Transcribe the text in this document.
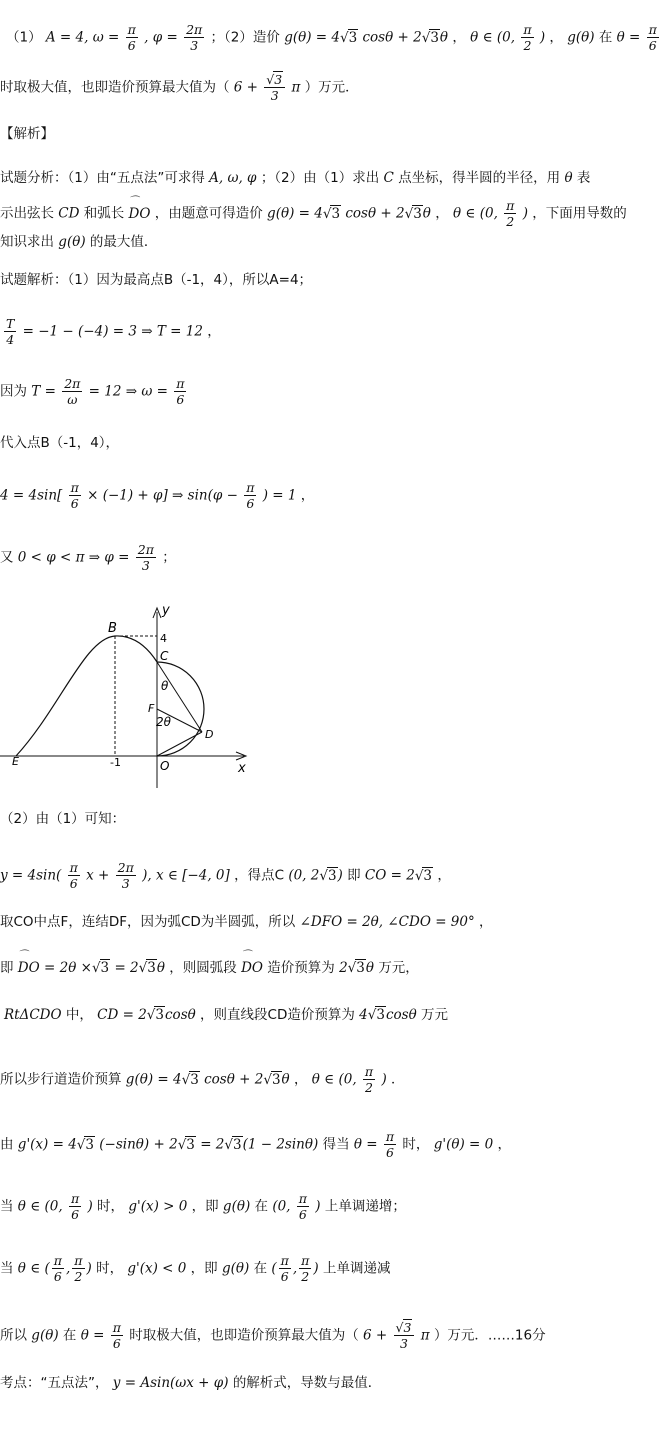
（1） A = 4, $\omega = \frac{\pi}{6}$ , $\varphi = \frac{2\pi}{3}$ ；（2）造价 g(θ) = 4√3 cosθ + 2√3θ ， θ ∈ (0, $\frac{\pi}{2}$ ) ， g(θ) 在 $\theta = \frac{\pi}{6}$
时取极大值，也即造价预算最大值为（ $6 + \frac{√3}{3}$ π ）万元．
【解析】
试题分析：（1）由“五点法”可求得 A, ω, φ ；（2）由（1）求出 C 点坐标，得半圆的半径，用 θ 表
示出弦长 CD 和弧长
⌒
DO ，由题意可得造价 g(θ) = 4√3 cosθ + 2√3θ ， θ ∈ (0, $\frac{\pi}{2}$ ) ，下面用导数的
知识求出 g(θ) 的最大值．
试题解析：（1）因为最高点B（-1，4），所以A=4；
$\frac{T}{4} = -1 - (-4) = 3$ ⇒ T = 12 ，
因为 $T = \frac{2\pi}{\omega} = 12$ ⇒ $\omega = \frac{\pi}{6}$
代入点B（-1，4），
$4 = 4\sin[ \frac{\pi}{6} \times (-1) + \varphi]$ ⇒ $\sin(\varphi - \frac{\pi}{6}$ ) = 1 ，
又 0 < φ < π ⇒ $\varphi = \frac{2\pi}{3}$ ；
y
x
B
4
C
θ
F
2θ
D
E	-1	O
（2）由（1）可知：
$y = 4\sin( \frac{\pi}{6}$ $x + \frac{2\pi}{3}$ ), x ∈ [−4, 0] ，得点C (0, 2√3) 即 CO = 2√3 ，
取CO中点F，连结DF，因为弧CD为半圆弧，所以 ∠DFO = 2θ, ∠CDO = 90° ，
即
⌒
DO = 2θ ×√3 = 2√3θ ，则圆弧段
⌒
DO 造价预算为 2√3θ 万元，
RtΔCDO 中， CD = 2√3cosθ ，则直线段CD造价预算为 4√3cosθ 万元
所以步行道造价预算 g(θ) = 4√3 cosθ + 2√3θ ， θ ∈ (0, $\frac{\pi}{2}$ ) ．
由 g'(x) = 4√3 (−sinθ) + 2√3 = 2√3(1 − 2sinθ) 得当 $\theta = \frac{\pi}{6}$ 时， g'(θ) = 0 ，
当 θ ∈ (0, $\frac{\pi}{6}$ ) 时， g'(x) > 0 ，即 g(θ) 在 (0, $\frac{\pi}{6}$ ) 上单调递增；
当 θ ∈ ( $\frac{\pi}{6}$ , $\frac{\pi}{2}$ ) 时， g'(x) < 0 ，即 g(θ) 在 ( $\frac{\pi}{6}$ , $\frac{\pi}{2}$ ) 上单调递减
所以 g(θ) 在 $\theta = \frac{\pi}{6}$ 时取极大值，也即造价预算最大值为（ $6 + \frac{√3}{3}$ π ）万元．……16分
考点：“五点法”， y = Asin(ωx + φ) 的解析式，导数与最值．
